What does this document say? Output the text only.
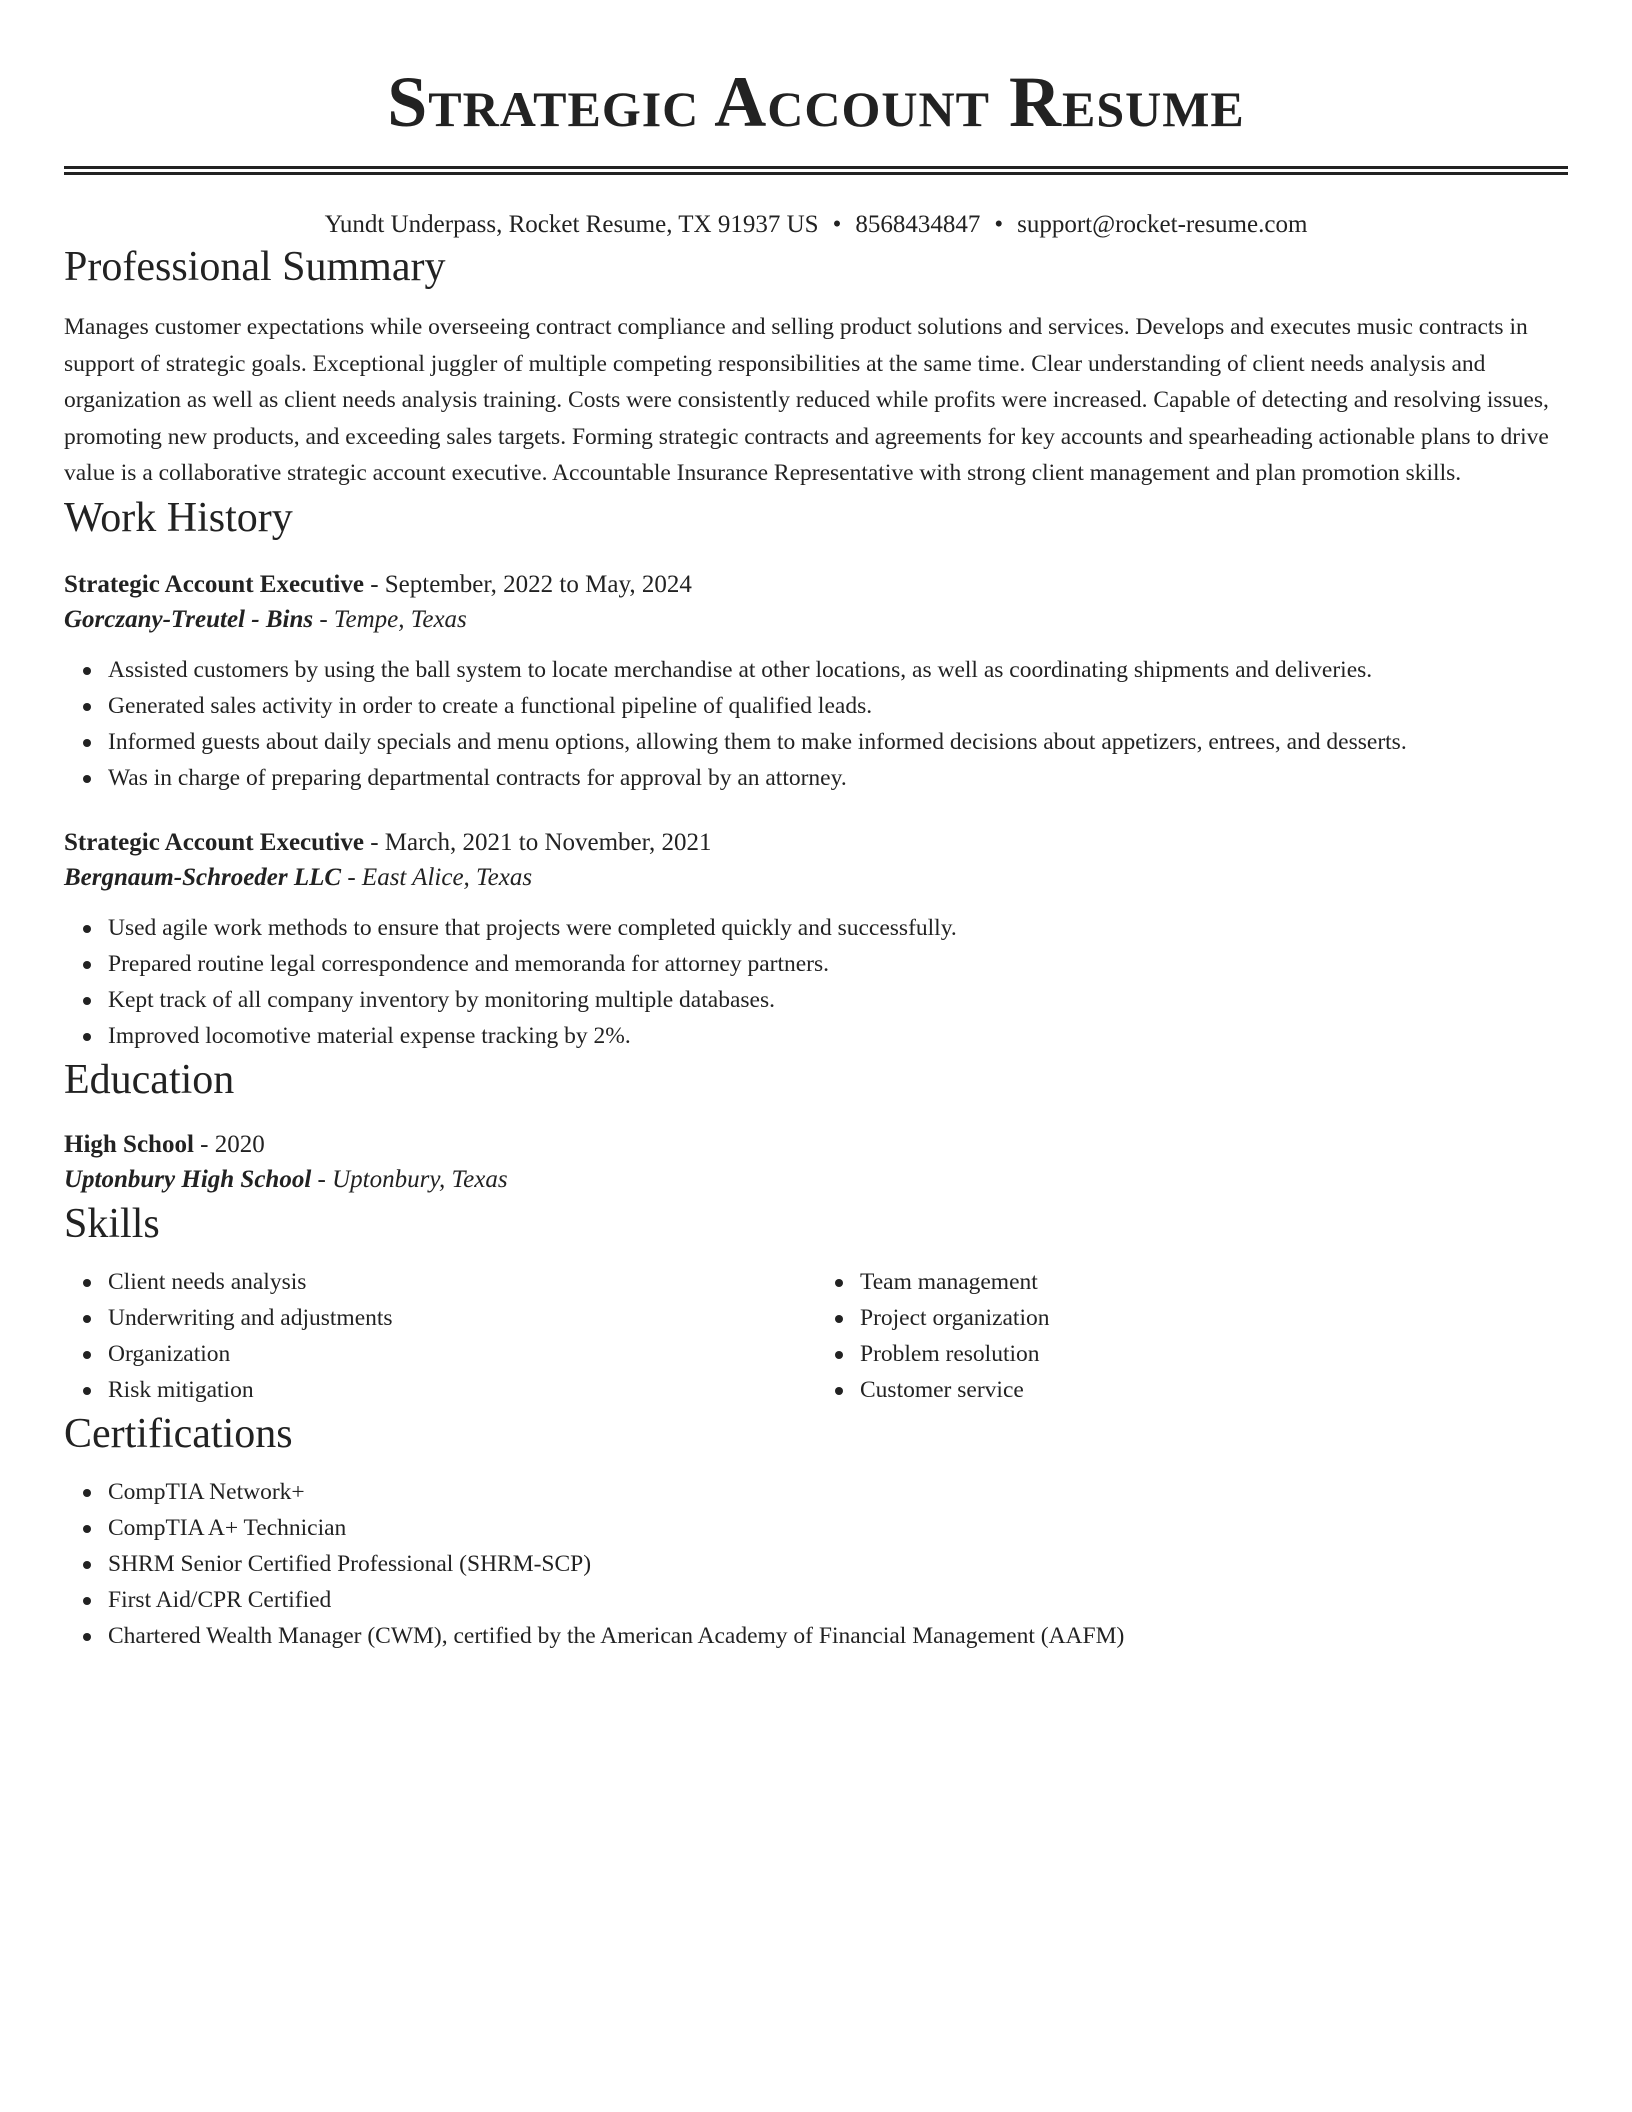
Strategic Account Resume
Yundt Underpass, Rocket Resume, TX 91937 US • 8568434847 • support@rocket-resume.com
Professional Summary

Manages customer expectations while overseeing contract compliance and selling product solutions and services. Develops and executes music contracts in support of strategic goals. Exceptional juggler of multiple competing responsibilities at the same time. Clear understanding of client needs analysis and organization as well as client needs analysis training. Costs were consistently reduced while profits were increased. Capable of detecting and resolving issues, promoting new products, and exceeding sales targets. Forming strategic contracts and agreements for key accounts and spearheading actionable plans to drive value is a collaborative strategic account executive. Accountable Insurance Representative with strong client management and plan promotion skills.

Work History
Strategic Account Executive - September, 2022 to May, 2024
Gorczany-Treutel - Bins - Tempe, Texas
Assisted customers by using the ball system to locate merchandise at other locations, as well as coordinating shipments and deliveries.
Generated sales activity in order to create a functional pipeline of qualified leads.
Informed guests about daily specials and menu options, allowing them to make informed decisions about appetizers, entrees, and desserts.
Was in charge of preparing departmental contracts for approval by an attorney.
Strategic Account Executive - March, 2021 to November, 2021
Bergnaum-Schroeder LLC - East Alice, Texas
Used agile work methods to ensure that projects were completed quickly and successfully.
Prepared routine legal correspondence and memoranda for attorney partners.
Kept track of all company inventory by monitoring multiple databases.
Improved locomotive material expense tracking by 2%.
Education
High School - 2020
Uptonbury High School - Uptonbury, Texas
Skills
Client needs analysis
Underwriting and adjustments
Organization
Risk mitigation
Team management
Project organization
Problem resolution
Customer service
Certifications
CompTIA Network+
CompTIA A+ Technician
SHRM Senior Certified Professional (SHRM-SCP)
First Aid/CPR Certified
Chartered Wealth Manager (CWM), certified by the American Academy of Financial Management (AAFM)
